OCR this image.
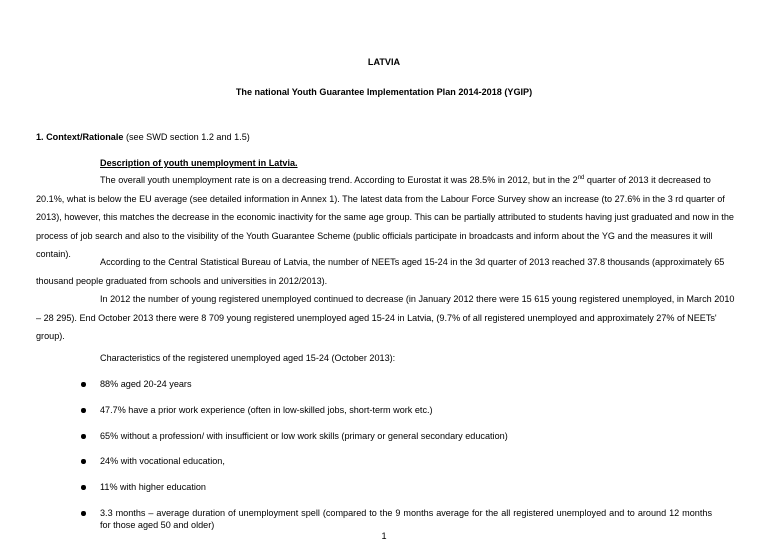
LATVIA
The national Youth Guarantee Implementation Plan 2014-2018 (YGIP)
1. Context/Rationale (see SWD section 1.2 and 1.5)
Description of youth unemployment in Latvia.
The overall youth unemployment rate is on a decreasing trend. According to Eurostat it was 28.5% in 2012, but in the 2nd quarter of 2013 it decreased to 20.1%, what is below the EU average (see detailed information in Annex 1). The latest data from the Labour Force Survey show an increase (to 27.6% in the 3 rd quarter of 2013), however, this matches the decrease in the economic inactivity for the same age group. This can be partially attributed to students having just graduated and now in the process of job search and also to the visibility of the Youth Guarantee Scheme (public officials participate in broadcasts and inform about the YG and the measures it will contain).
According to the Central Statistical Bureau of Latvia, the number of NEETs aged 15-24 in the 3d quarter of 2013 reached 37.8 thousands (approximately 65 thousand people graduated from schools and universities in 2012/2013).
In 2012 the number of young registered unemployed continued to decrease (in January 2012 there were 15 615 young registered unemployed, in March 2010 – 28 295). End October 2013 there were 8 709 young registered unemployed aged 15-24 in Latvia, (9.7% of all registered unemployed and approximately 27% of NEETs' group).
Characteristics of the registered unemployed aged 15-24 (October 2013):
88% aged 20-24 years
47.7% have a prior work experience (often in low-skilled jobs, short-term work etc.)
65% without a profession/ with insufficient or low work skills (primary or general secondary education)
24% with vocational education,
11% with higher education
3.3 months – average duration of unemployment spell (compared to the 9 months average for the all registered unemployed and to around 12 months for those aged 50 and older)
1
